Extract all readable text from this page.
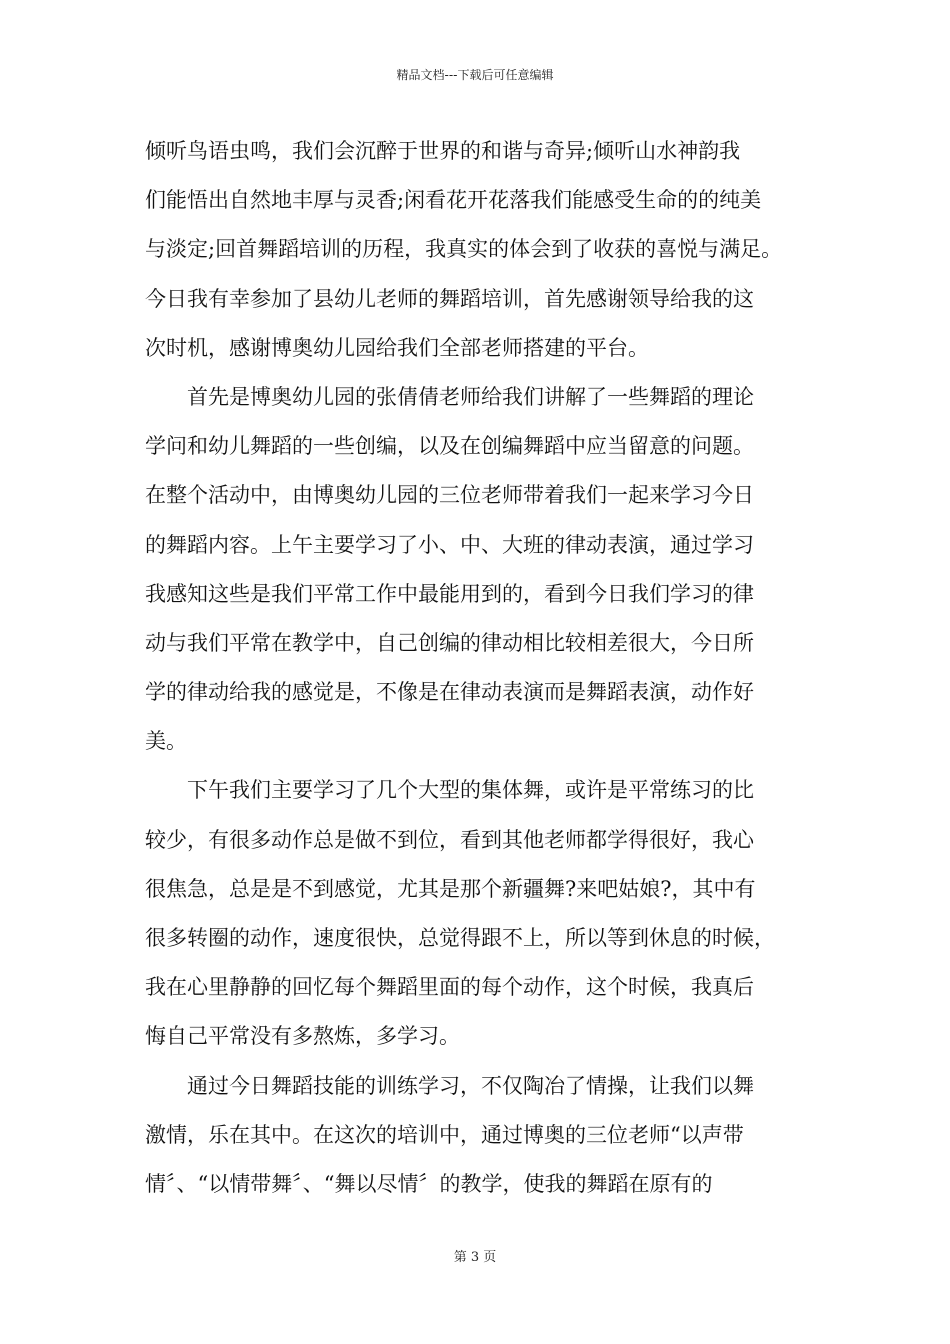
精品文档---下载后可任意编辑
倾听鸟语虫鸣，我们会沉醉于世界的和谐与奇异;倾听山水神韵我
们能悟出自然地丰厚与灵香;闲看花开花落我们能感受生命的的纯美
与淡定;回首舞蹈培训的历程，我真实的体会到了收获的喜悦与满足。
今日我有幸参加了县幼儿老师的舞蹈培训，首先感谢领导给我的这
次时机，感谢博奥幼儿园给我们全部老师搭建的平台。
　　首先是博奥幼儿园的张倩倩老师给我们讲解了一些舞蹈的理论
学问和幼儿舞蹈的一些创编，以及在创编舞蹈中应当留意的问题。
在整个活动中，由博奥幼儿园的三位老师带着我们一起来学习今日
的舞蹈内容。上午主要学习了小、中、大班的律动表演，通过学习
我感知这些是我们平常工作中最能用到的，看到今日我们学习的律
动与我们平常在教学中，自己创编的律动相比较相差很大，今日所
学的律动给我的感觉是，不像是在律动表演而是舞蹈表演，动作好
美。
　　下午我们主要学习了几个大型的集体舞，或许是平常练习的比
较少，有很多动作总是做不到位，看到其他老师都学得很好，我心
很焦急，总是是不到感觉，尤其是那个新疆舞?来吧姑娘?，其中有
很多转圈的动作，速度很快，总觉得跟不上，所以等到休息的时候，
我在心里静静的回忆每个舞蹈里面的每个动作，这个时候，我真后
悔自己平常没有多熬炼，多学习。
　　通过今日舞蹈技能的训练学习，不仅陶冶了情操，让我们以舞
激情，乐在其中。在这次的培训中，通过博奥的三位老师“以声带
情〞、“以情带舞〞、“舞以尽情〞的教学，使我的舞蹈在原有的
第 3 页
